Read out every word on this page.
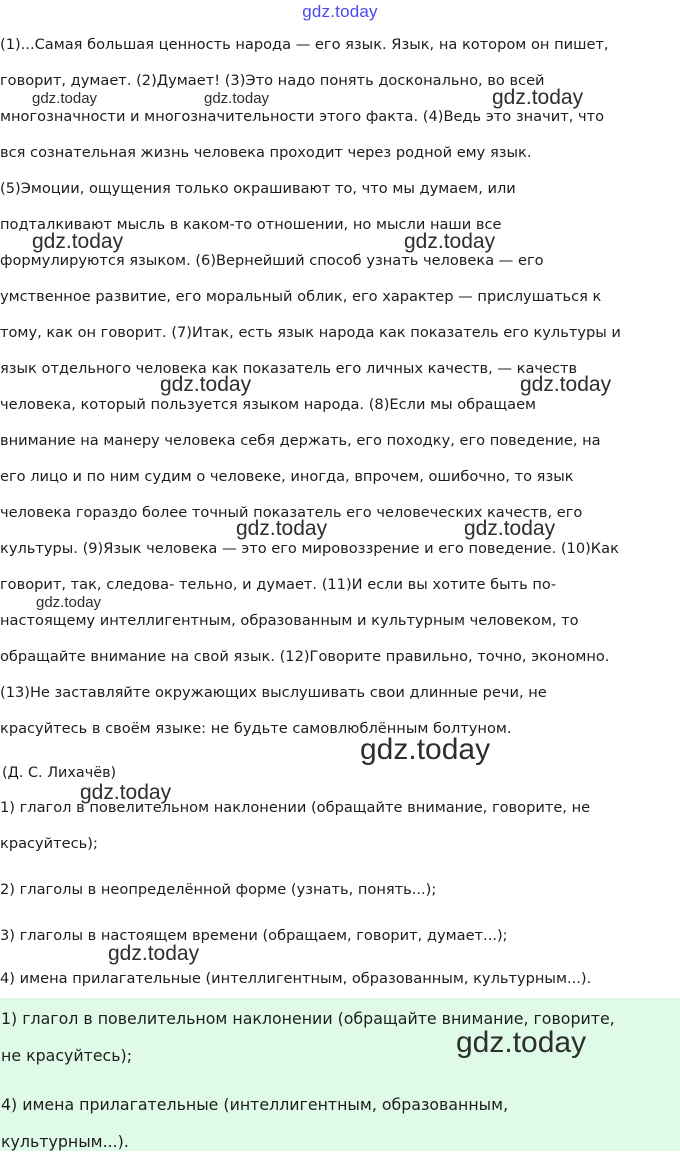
gdz.today
(1)...Самая большая ценность народа — его язык. Язык, на котором он пишет,
говорит, думает. (2)Думает! (3)Это надо понять досконально, во всей
многозначности и многозначительности этого факта. (4)Ведь это значит, что
вся сознательная жизнь человека проходит через родной ему язык.
(5)Эмоции, ощущения только окрашивают то, что мы думаем, или
подталкивают мысль в каком-то отношении, но мысли наши все
формулируются языком. (6)Вернейший способ узнать человека — его
умственное развитие, его моральный облик, его характер — прислушаться к
тому, как он говорит. (7)Итак, есть язык народа как показатель его культуры и
язык отдельного человека как показатель его личных качеств, — качеств
человека, который пользуется языком народа. (8)Если мы обращаем
внимание на манеру человека себя держать, его походку, его поведение, на
его лицо и по ним судим о человеке, иногда, впрочем, ошибочно, то язык
человека гораздо более точный показатель его человеческих качеств, его
культуры. (9)Язык человека — это его мировоззрение и его поведение. (10)Как
говорит, так, следова- тельно, и думает. (11)И если вы хотите быть по-
настоящему интеллигентным, образованным и культурным человеком, то
обращайте внимание на свой язык. (12)Говорите правильно, точно, экономно.
(13)Не заставляйте окружающих выслушивать свои длинные речи, не
красуйтесь в своём языке: не будьте самовлюблённым болтуном.
(Д. С. Лихачёв)

1) глагол в повелительном наклонении (обращайте внимание, говорите, не
красуйтесь);

2) глаголы в неопределённой форме (узнать, понять...);

3) глаголы в настоящем времени (обращаем, говорит, думает...);

4) имена прилагательные (интеллигентным, образованным, культурным...).

1) глагол в повелительном наклонении (обращайте внимание, говорите,
не красуйтесь);

4) имена прилагательные (интеллигентным, образованным,
культурным...).

gdz.today	gdz.today	gdz.today
gdz.today	gdz.today
gdz.today	gdz.today
gdz.today	gdz.today
gdz.today
gdz.today
gdz.today
gdz.today
gdz.today
